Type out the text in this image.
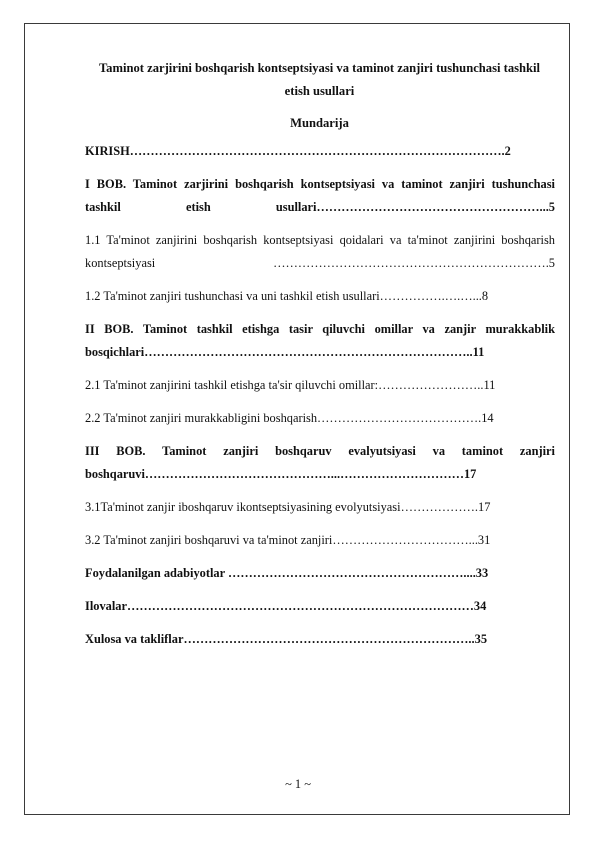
Taminot zarjirini boshqarish kontseptsiyasi va taminot zanjiri tushunchasi tashkil etish usullari
Mundarija
KIRISH……………………………………………………………………………….2
I BOB. Taminot zarjirini boshqarish kontseptsiyasi va taminot zanjiri tushunchasi tashkil etish usullari………………………………………………...5
1.1 Ta'minot zanjirini boshqarish kontseptsiyasi qoidalari va ta'minot zanjirini boshqarish kontseptsiyasi ………………………………………………………….5
1.2 Ta'minot zanjiri tushunchasi va uni tashkil etish usullari…………….….…...8
II BOB. Taminot tashkil etishga tasir qiluvchi omillar va zanjir murakkablik bosqichlari……………………………………………………………………..11
2.1 Ta'minot zanjirini tashkil etishga ta'sir qiluvchi omillar:……………………..11
2.2 Ta'minot zanjiri murakkabligini boshqarish………………………………….14
III BOB. Taminot zanjiri boshqaruv evalyutsiyasi va taminot zanjiri boshqaruvi………………………………………...…………………………17
3.1Ta'minot zanjir iboshqaruv ikontseptsiyasining evolyutsiyasi……………….17
3.2 Ta'minot zanjiri boshqaruvi va ta'minot zanjiri……………………………...31
Foydalanilgan adabiyotlar …………………………………………………....33
Ilovalar…………………………………………………………………………34
Xulosa va takliflar……………………………………………………………..35
~ 1 ~
